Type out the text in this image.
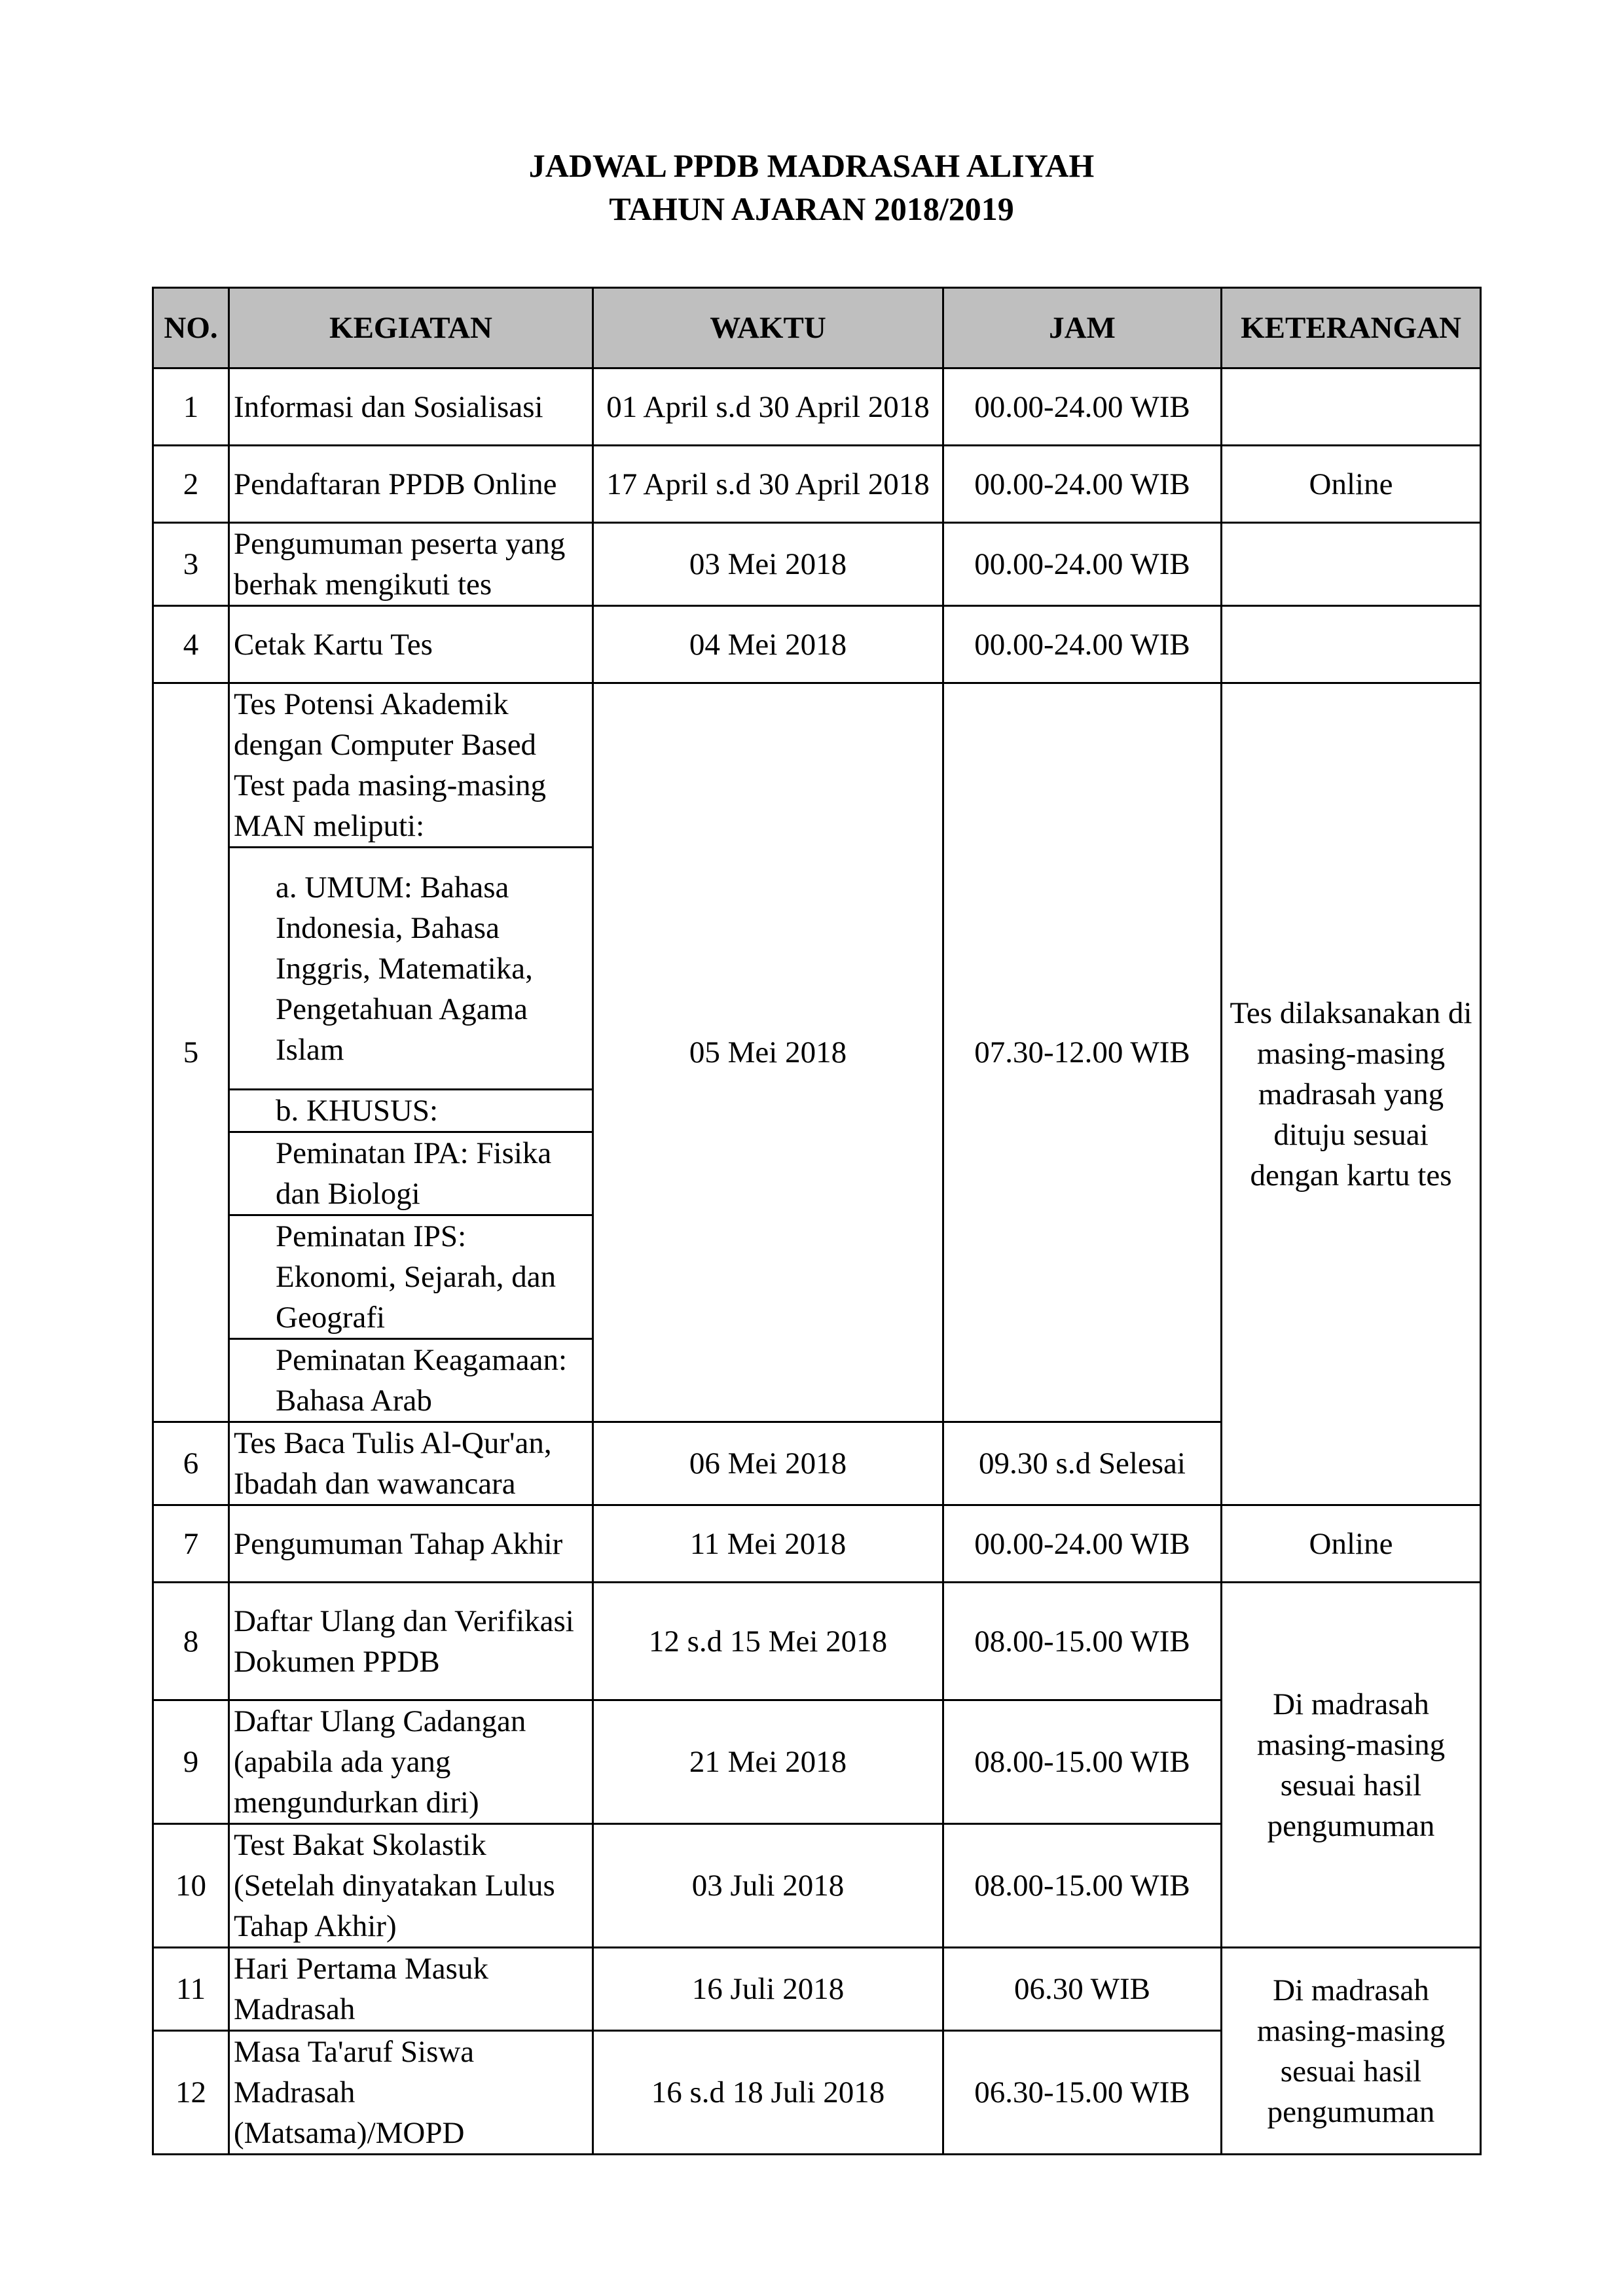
JADWAL PPDB MADRASAH ALIYAH

TAHUN AJARAN 2018/2019

NO.	KEGIATAN	WAKTU	JAM	KETERANGAN
1	Informasi dan Sosialisasi	01 April s.d 30 April 2018	00.00-24.00 WIB	
2	Pendaftaran PPDB Online	17 April s.d 30 April 2018	00.00-24.00 WIB	Online
3	Pengumuman peserta yang berhak mengikuti tes	03 Mei 2018	00.00-24.00 WIB	
4	Cetak Kartu Tes	04 Mei 2018	00.00-24.00 WIB	
5	Tes Potensi Akademik dengan Computer Based Test pada masing-masing MAN meliputi:	05 Mei 2018	07.30-12.00 WIB	Tes dilaksanakan di masing-masing madrasah yang dituju sesuai dengan kartu tes
	a. UMUM: Bahasa Indonesia, Bahasa Inggris, Matematika, Pengetahuan Agama Islam			
	b. KHUSUS:			
	Peminatan IPA: Fisika dan Biologi			
	Peminatan IPS: Ekonomi, Sejarah, dan Geografi			
	Peminatan Keagamaan: Bahasa Arab			
6	Tes Baca Tulis Al-Qur'an, Ibadah dan wawancara	06 Mei 2018	09.30 s.d Selesai	
7	Pengumuman Tahap Akhir	11 Mei 2018	00.00-24.00 WIB	Online
8	Daftar Ulang dan Verifikasi Dokumen PPDB	12 s.d 15 Mei 2018	08.00-15.00 WIB	Di madrasah masing-masing sesuai hasil pengumuman
9	Daftar Ulang Cadangan (apabila ada yang mengundurkan diri)	21 Mei 2018	08.00-15.00 WIB	
10	Test Bakat Skolastik (Setelah dinyatakan Lulus Tahap Akhir)	03 Juli 2018	08.00-15.00 WIB	
11	Hari Pertama Masuk Madrasah	16 Juli 2018	06.30 WIB	Di madrasah masing-masing sesuai hasil pengumuman
12	Masa Ta'aruf Siswa Madrasah (Matsama)/MOPD	16 s.d 18 Juli 2018	06.30-15.00 WIB	
